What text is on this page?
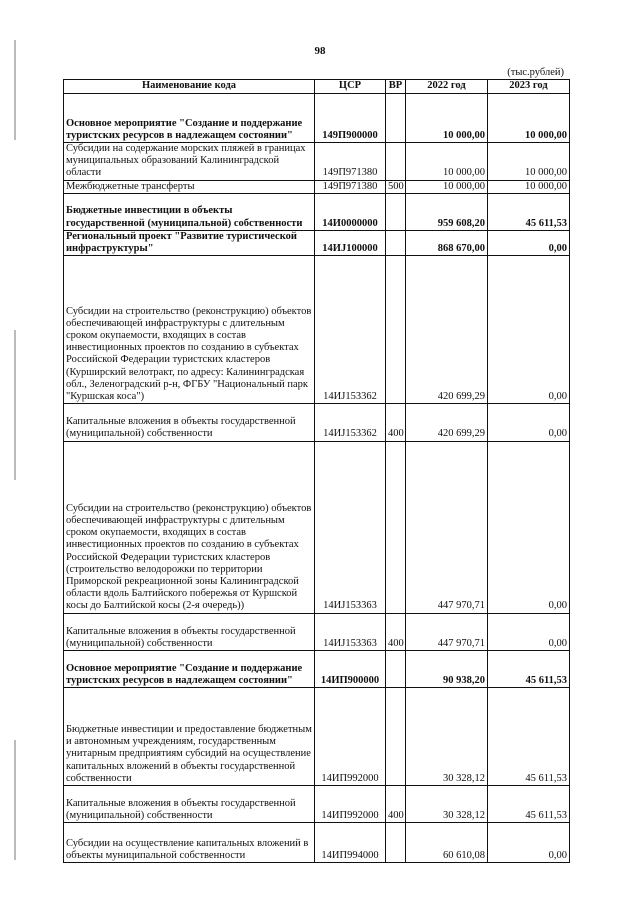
98
(тыс.рублей)
Наименование кода	ЦСР	ВР	2022 год	2023 год
Основное мероприятие "Создание и поддержание туристских ресурсов в надлежащем состоянии"	149П900000		10 000,00	10 000,00
Субсидии на содержание морских пляжей в границах муниципальных образований Калининградской области	149П971380		10 000,00	10 000,00
Межбюджетные трансферты	149П971380	500	10 000,00	10 000,00
Бюджетные инвестиции в объекты государственной (муниципальной) собственности	14И0000000		959 608,20	45 611,53
Региональный проект "Развитие туристической инфраструктуры"	14ИJ100000		868 670,00	0,00
Субсидии на строительство (реконструкцию) объектов обеспечивающей инфраструктуры с длительным сроком окупаемости, входящих в состав инвестиционных проектов по созданию в субъектах Российской Федерации туристских кластеров (Курширский велотракт, по адресу: Калининградская обл., Зеленоградский р-н, ФГБУ "Национальный парк "Куршская коса")	14ИJ153362		420 699,29	0,00
Капитальные вложения в объекты государственной (муниципальной) собственности	14ИJ153362	400	420 699,29	0,00
Субсидии на строительство (реконструкцию) объектов обеспечивающей инфраструктуры с длительным сроком окупаемости, входящих в состав инвестиционных проектов по созданию в субъектах Российской Федерации туристских кластеров (строительство велодорожки по территории Приморской рекреационной зоны Калининградской области вдоль Балтийского побережья от Куршской косы до Балтийской косы (2-я очередь))	14ИJ153363		447 970,71	0,00
Капитальные вложения в объекты государственной (муниципальной) собственности	14ИJ153363	400	447 970,71	0,00
Основное мероприятие "Создание и поддержание туристских ресурсов в надлежащем состоянии"	14ИП900000		90 938,20	45 611,53
Бюджетные инвестиции и предоставление бюджетным и автономным учреждениям, государственным унитарным предприятиям субсидий на осуществление капитальных вложений в объекты государственной собственности	14ИП992000		30 328,12	45 611,53
Капитальные вложения в объекты государственной (муниципальной) собственности	14ИП992000	400	30 328,12	45 611,53
Субсидии на осуществление капитальных вложений в объекты муниципальной собственности	14ИП994000		60 610,08	0,00
